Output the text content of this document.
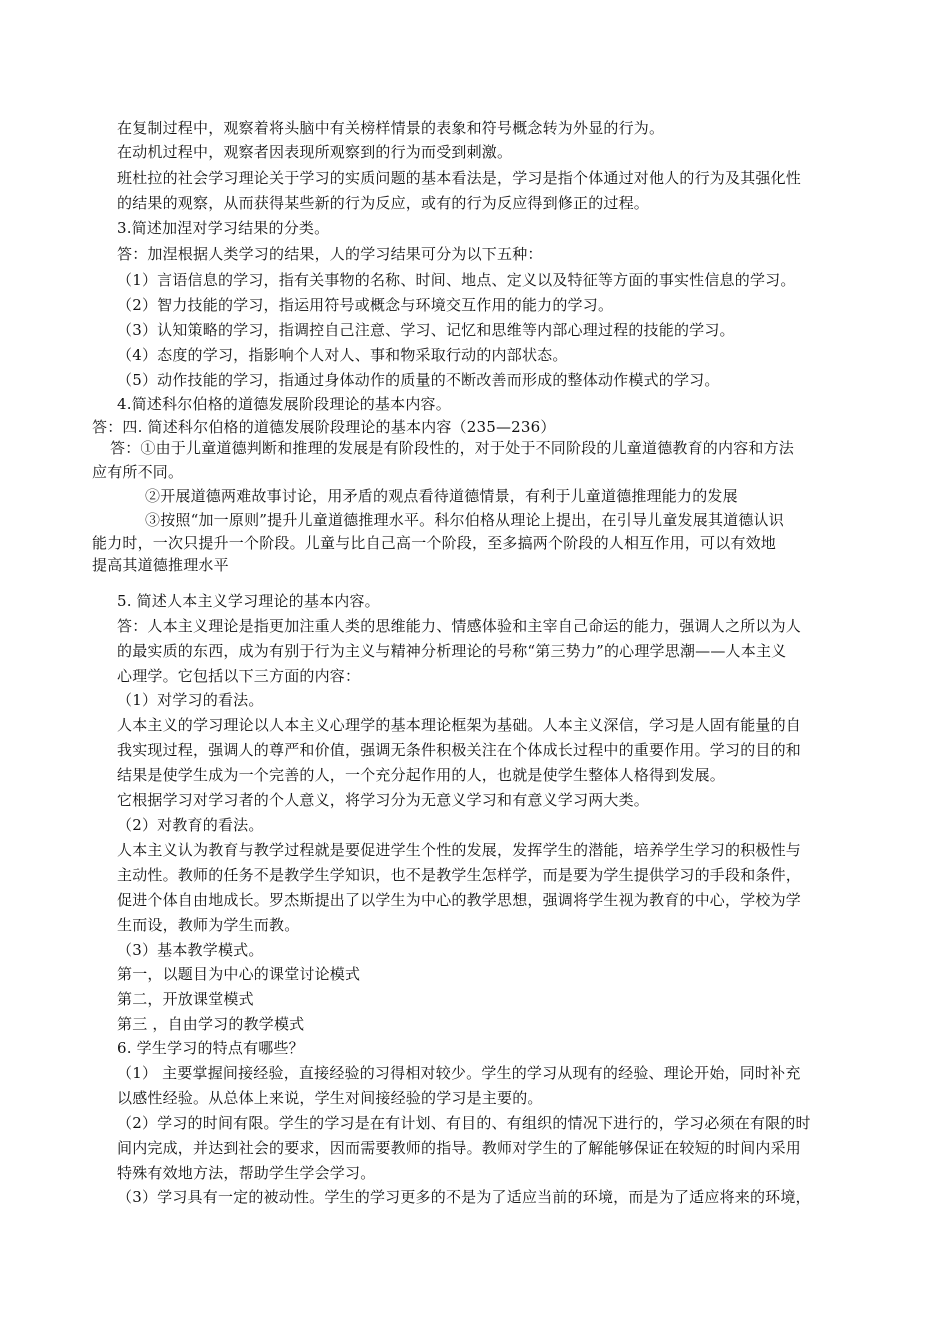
在复制过程中，观察着将头脑中有关榜样情景的表象和符号概念转为外显的行为。
在动机过程中，观察者因表现所观察到的行为而受到刺激。
班杜拉的社会学习理论关于学习的实质问题的基本看法是，学习是指个体通过对他人的行为及其强化性
的结果的观察，从而获得某些新的行为反应，或有的行为反应得到修正的过程。
3.简述加涅对学习结果的分类。
答：加涅根据人类学习的结果，人的学习结果可分为以下五种：
（1）言语信息的学习，指有关事物的名称、时间、地点、定义以及特征等方面的事实性信息的学习。
（2）智力技能的学习，指运用符号或概念与环境交互作用的能力的学习。
（3）认知策略的学习，指调控自己注意、学习、记忆和思维等内部心理过程的技能的学习。
（4）态度的学习，指影响个人对人、事和物采取行动的内部状态。
（5）动作技能的学习，指通过身体动作的质量的不断改善而形成的整体动作模式的学习。
4.简述科尔伯格的道德发展阶段理论的基本内容。
答：四. 简述科尔伯格的道德发展阶段理论的基本内容（235—236）
答：①由于儿童道德判断和推理的发展是有阶段性的，对于处于不同阶段的儿童道德教育的内容和方法
应有所不同。
②开展道德两难故事讨论，用矛盾的观点看待道德情景，有利于儿童道德推理能力的发展
③按照“加一原则”提升儿童道德推理水平。科尔伯格从理论上提出，在引导儿童发展其道德认识
能力时，一次只提升一个阶段。儿童与比自己高一个阶段，至多搞两个阶段的人相互作用，可以有效地
提高其道德推理水平
5. 简述人本主义学习理论的基本内容。
答：人本主义理论是指更加注重人类的思维能力、情感体验和主宰自己命运的能力，强调人之所以为人
的最实质的东西，成为有别于行为主义与精神分析理论的号称“第三势力”的心理学思潮——人本主义
心理学。它包括以下三方面的内容：
（1）对学习的看法。
人本主义的学习理论以人本主义心理学的基本理论框架为基础。人本主义深信，学习是人固有能量的自
我实现过程，强调人的尊严和价值，强调无条件积极关注在个体成长过程中的重要作用。学习的目的和
结果是使学生成为一个完善的人，一个充分起作用的人，也就是使学生整体人格得到发展。
它根据学习对学习者的个人意义，将学习分为无意义学习和有意义学习两大类。
（2）对教育的看法。
人本主义认为教育与教学过程就是要促进学生个性的发展，发挥学生的潜能，培养学生学习的积极性与
主动性。教师的任务不是教学生学知识，也不是教学生怎样学，而是要为学生提供学习的手段和条件，
促进个体自由地成长。罗杰斯提出了以学生为中心的教学思想，强调将学生视为教育的中心，学校为学
生而设，教师为学生而教。
（3）基本教学模式。
第一，以题目为中心的课堂讨论模式
第二，开放课堂模式
第三 ，自由学习的教学模式
6. 学生学习的特点有哪些？
（1） 主要掌握间接经验，直接经验的习得相对较少。学生的学习从现有的经验、理论开始，同时补充
以感性经验。从总体上来说，学生对间接经验的学习是主要的。
（2）学习的时间有限。学生的学习是在有计划、有目的、有组织的情况下进行的，学习必须在有限的时
间内完成，并达到社会的要求，因而需要教师的指导。教师对学生的了解能够保证在较短的时间内采用
特殊有效地方法，帮助学生学会学习。
（3）学习具有一定的被动性。学生的学习更多的不是为了适应当前的环境，而是为了适应将来的环境，
